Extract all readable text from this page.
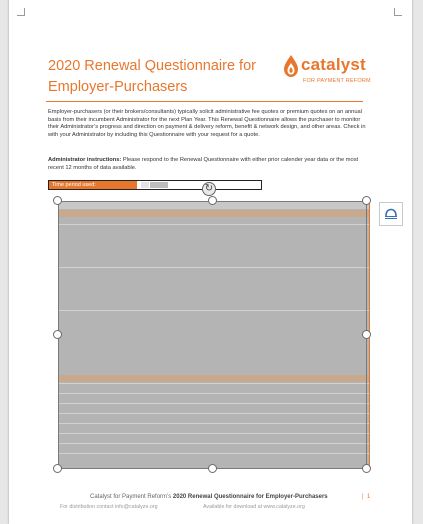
2020 Renewal Questionnaire for Employer-Purchasers
catalyst
FOR PAYMENT REFORM
Employer-purchasers (or their brokers/consultants) typically solicit administrative fee quotes or premium quotes on an annual basis from their incumbent Administrator for the next Plan Year. This Renewal Questionnaire allows the purchaser to monitor their Administrator’s progress and direction on payment & delivery reform, benefit & network design, and other areas. Check in with your Administrator by including this Questionnaire with your request for a quote.
Administrator instructions: Please respond to the Renewal Questionnaire with either prior calender year data or the most recent 12 months of data available.
Time period used:	↻
Catalyst for Payment Reform’s 2020 Renewal Questionnaire for Employer-Purchasers	| 1
For distribution contact info@catalyze.org	Available for download at www.catalyze.org
